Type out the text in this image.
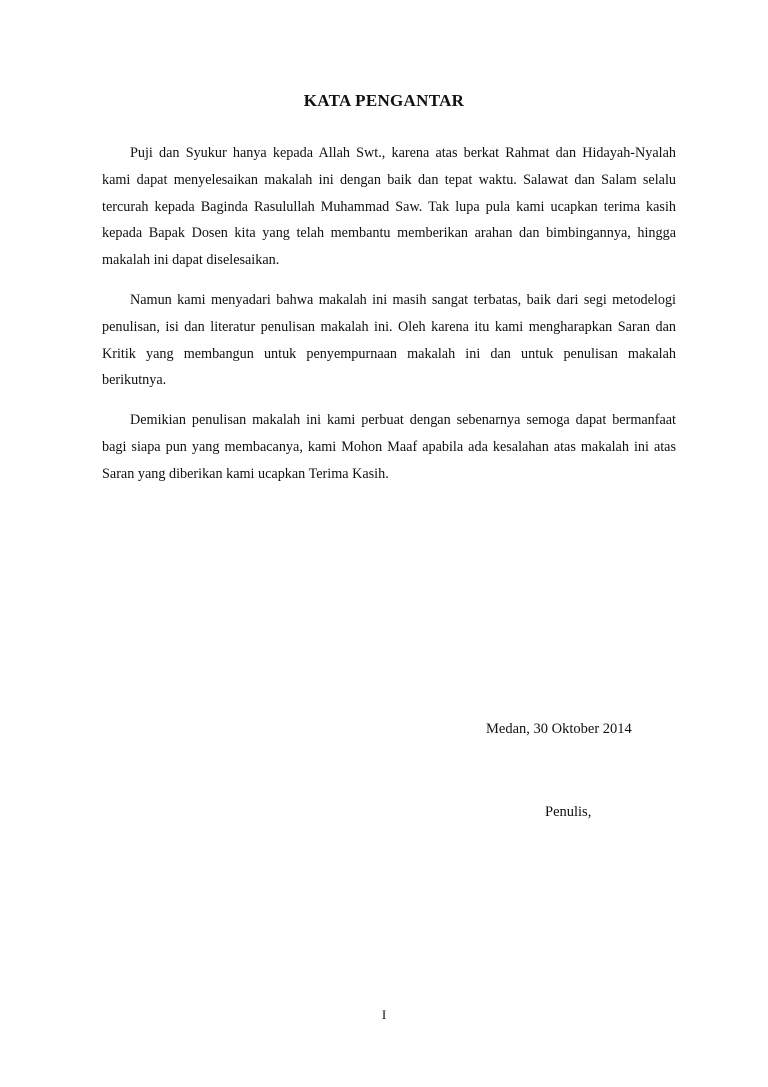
KATA PENGANTAR

Puji dan Syukur hanya kepada Allah Swt., karena atas berkat Rahmat dan Hidayah-Nyalah kami dapat menyelesaikan makalah ini dengan baik dan tepat waktu. Salawat dan Salam selalu tercurah kepada Baginda Rasulullah Muhammad Saw. Tak lupa pula kami ucapkan terima kasih kepada Bapak Dosen kita yang telah membantu memberikan arahan dan bimbingannya, hingga makalah ini dapat diselesaikan.

Namun kami menyadari bahwa makalah ini masih sangat terbatas, baik dari segi metodelogi penulisan, isi dan literatur penulisan makalah ini. Oleh karena itu kami mengharapkan Saran dan Kritik yang membangun untuk penyempurnaan makalah ini dan untuk penulisan makalah berikutnya.

Demikian penulisan makalah ini kami perbuat dengan sebenarnya semoga dapat bermanfaat bagi siapa pun yang membacanya, kami Mohon Maaf apabila ada kesalahan atas makalah ini atas Saran yang diberikan kami ucapkan Terima Kasih.

Medan, 30 Oktober 2014
Penulis,
I
